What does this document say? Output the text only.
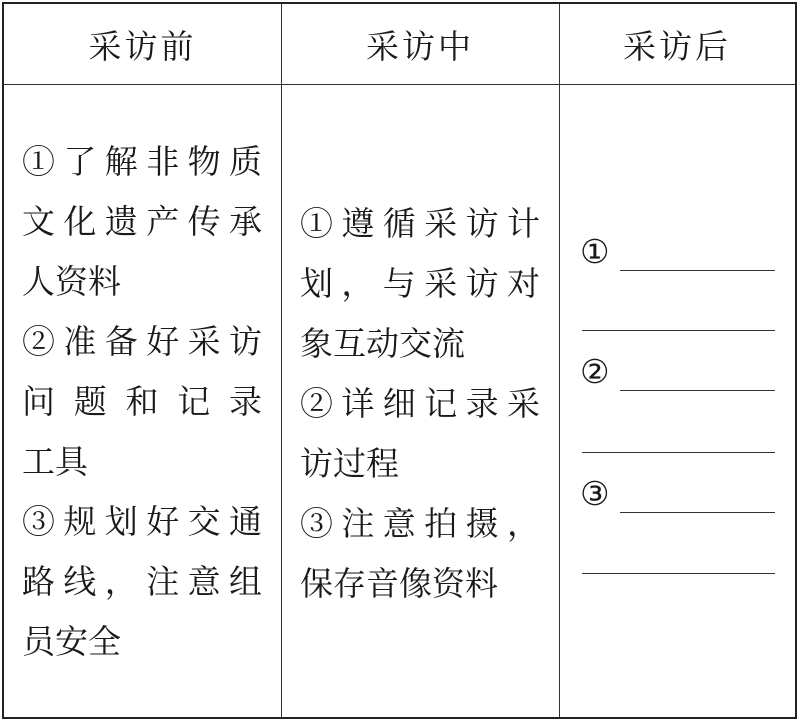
采访前	采访中	采访后
①了解非物质
文化遗产传承
人资料
②准备好采访
问题和记录
工具
③规划好交通
路线，注意组
员安全
①遵循采访计
划，与采访对
象互动交流
②详细记录采
访过程
③注意拍摄，
保存音像资料
①
②
③
